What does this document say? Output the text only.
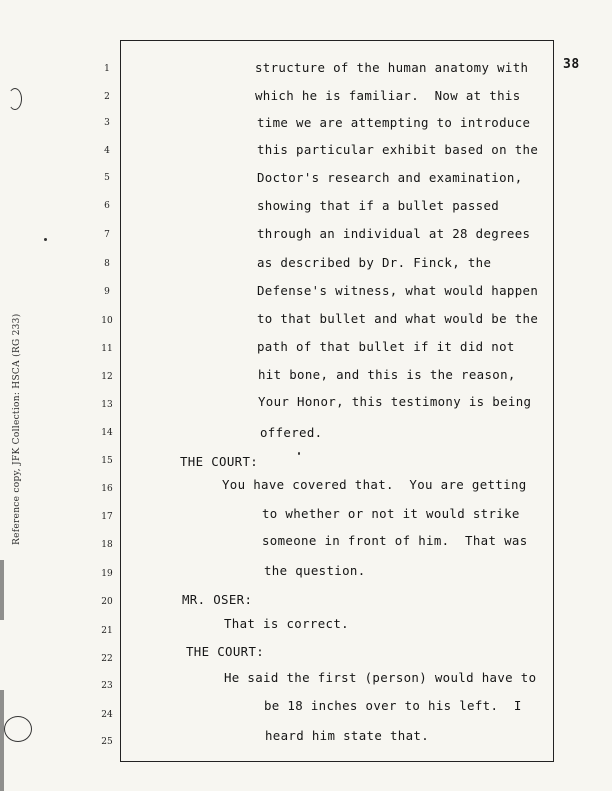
38
Reference copy, JFK Collection: HSCA (RG 233)
1
2
3
4
5
6
7
8
9
10
11
12
13
14
15
16
17
18
19
20
21
22
23
24
25
structure of the human anatomy with
which he is familiar.  Now at this
time we are attempting to introduce
this particular exhibit based on the
Doctor's research and examination,
showing that if a bullet passed
through an individual at 28 degrees
as described by Dr. Finck, the
Defense's witness, what would happen
to that bullet and what would be the
path of that bullet if it did not
hit bone, and this is the reason,
Your Honor, this testimony is being
offered.
THE COURT:
You have covered that.  You are getting
to whether or not it would strike
someone in front of him.  That was
the question.
MR. OSER:
That is correct.
THE COURT:
He said the first (person) would have to
be 18 inches over to his left.  I
heard him state that.
